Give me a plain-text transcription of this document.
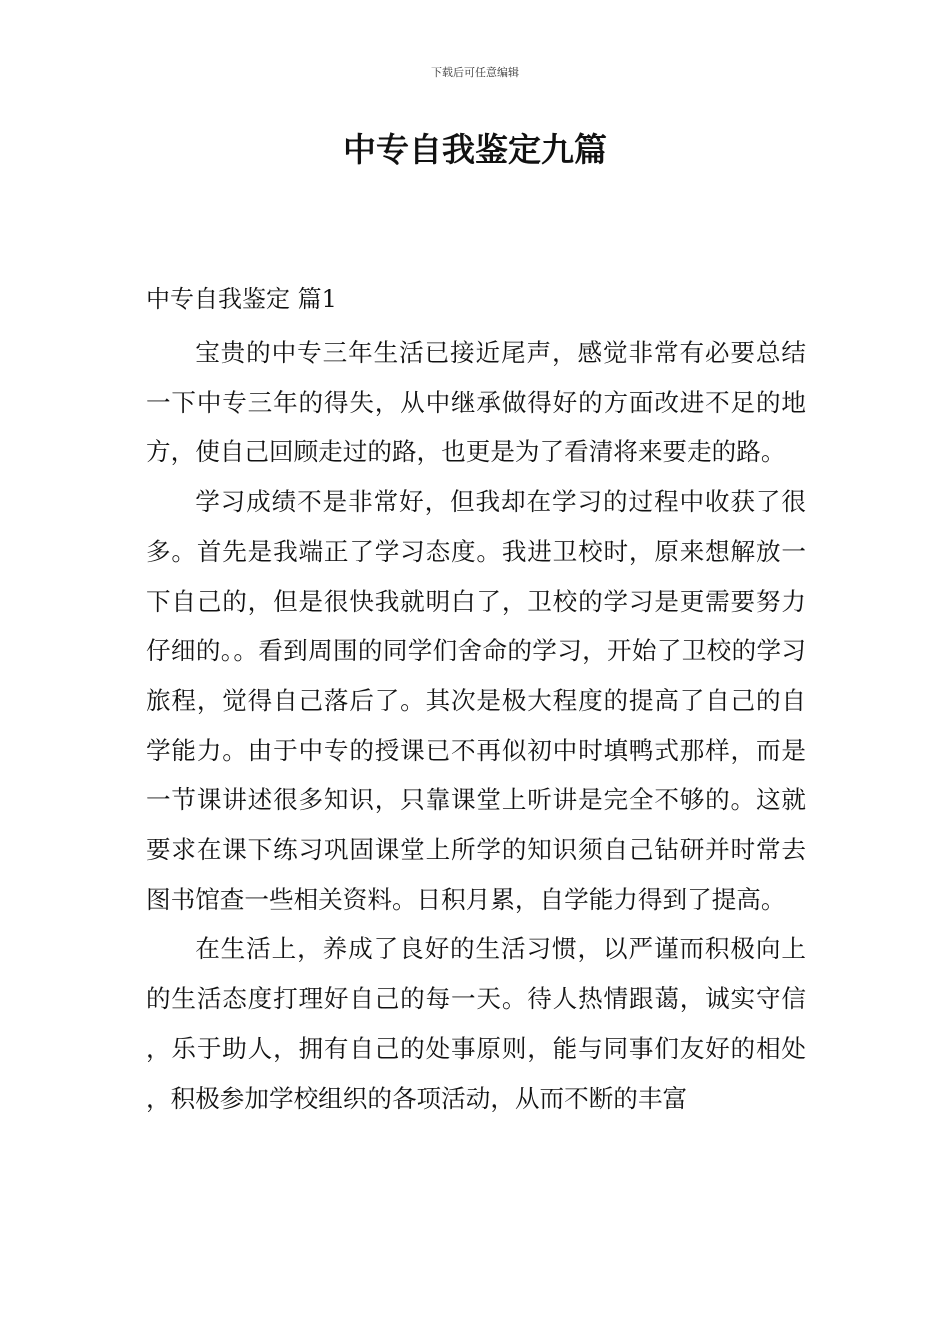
下载后可任意编辑
中专自我鉴定九篇
中专自我鉴定 篇1

宝贵的中专三年生活已接近尾声，感觉非常有必要总结一下中专三年的得失，从中继承做得好的方面改进不足的地方，使自己回顾走过的路，也更是为了看清将来要走的路。

学习成绩不是非常好，但我却在学习的过程中收获了很多。首先是我端正了学习态度。我进卫校时，原来想解放一下自己的，但是很快我就明白了，卫校的学习是更需要努力仔细的。。看到周围的同学们舍命的学习，开始了卫校的学习旅程，觉得自己落后了。其次是极大程度的提高了自己的自学能力。由于中专的授课已不再似初中时填鸭式那样，而是一节课讲述很多知识，只靠课堂上听讲是完全不够的。这就要求在课下练习巩固课堂上所学的知识须自己钻研并时常去图书馆查一些相关资料。日积月累，自学能力得到了提高。

在生活上，养成了良好的生活习惯，以严谨而积极向上的生活态度打理好自己的每一天。待人热情跟蔼，诚实守信，乐于助人，拥有自己的处事原则，能与同事们友好的相处，积极参加学校组织的各项活动，从而不断的丰富
